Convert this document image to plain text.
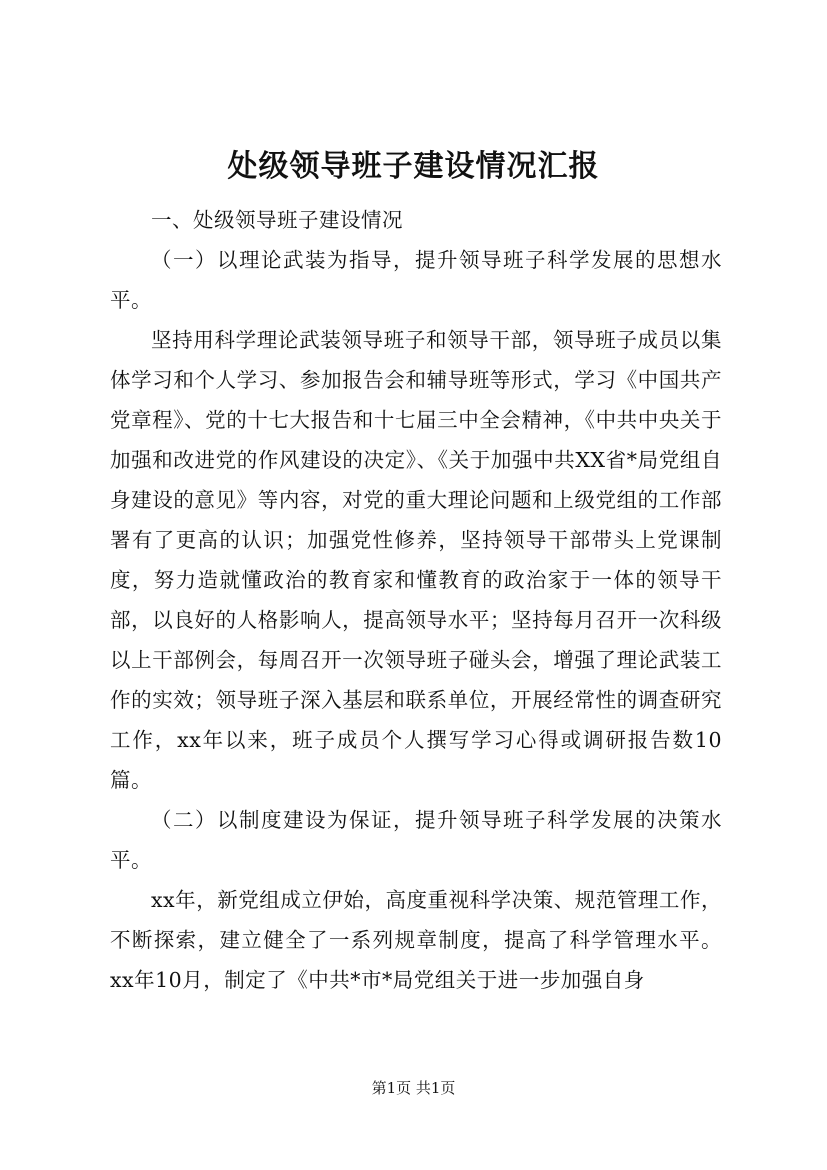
处级领导班子建设情况汇报

一、处级领导班子建设情况

（一）以理论武装为指导，提升领导班子科学发展的思想水平。

坚持用科学理论武装领导班子和领导干部，领导班子成员以集体学习和个人学习、参加报告会和辅导班等形式，学习《中国共产党章程》、党的十七大报告和十七届三中全会精神，《中共中央关于加强和改进党的作风建设的决定》、《关于加强中共XX省*局党组自身建设的意见》等内容，对党的重大理论问题和上级党组的工作部署有了更高的认识；加强党性修养，坚持领导干部带头上党课制度，努力造就懂政治的教育家和懂教育的政治家于一体的领导干部，以良好的人格影响人，提高领导水平；坚持每月召开一次科级以上干部例会，每周召开一次领导班子碰头会，增强了理论武装工作的实效；领导班子深入基层和联系单位，开展经常性的调查研究工作，xx年以来，班子成员个人撰写学习心得或调研报告数10篇。

（二）以制度建设为保证，提升领导班子科学发展的决策水平。

xx年，新党组成立伊始，高度重视科学决策、规范管理工作，不断探索，建立健全了一系列规章制度，提高了科学管理水平。xx年10月，制定了《中共*市*局党组关于进一步加强自身

第1页 共1页
